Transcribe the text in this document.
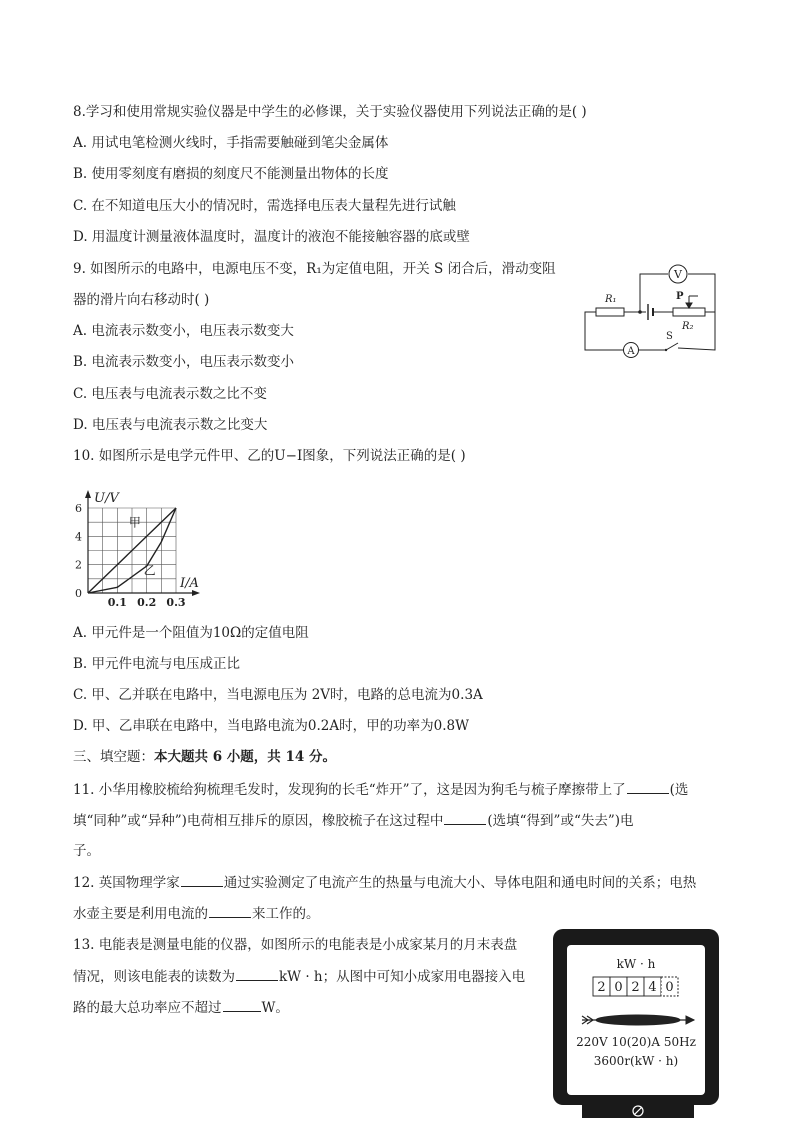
8.学习和使用常规实验仪器是中学生的必修课，关于实验仪器使用下列说法正确的是( )
A. 用试电笔检测火线时，手指需要触碰到笔尖金属体
B. 使用零刻度有磨损的刻度尺不能测量出物体的长度
C. 在不知道电压大小的情况时，需选择电压表大量程先进行试触
D. 用温度计测量液体温度时，温度计的液泡不能接触容器的底或壁
9. 如图所示的电路中，电源电压不变，R₁为定值电阻，开关 S 闭合后，滑动变阻
器的滑片向右移动时( )
A. 电流表示数变小，电压表示数变大
B. 电流表示数变小，电压表示数变小
C. 电压表与电流表示数之比不变
D. 电压表与电流表示数之比变大
V
A
R₁
R₂
P
S
10. 如图所示是电学元件甲、乙的U−I图象，下列说法正确的是( )
U/V
I/A
0
2
4
6
0.1 0.2 0.3
甲
乙
A. 甲元件是一个阻值为10Ω的定值电阻
B. 甲元件电流与电压成正比
C. 甲、乙并联在电路中，当电源电压为 2V时，电路的总电流为0.3A
D. 甲、乙串联在电路中，当电路电流为0.2A时，甲的功率为0.8W
三、填空题：本大题共 6 小题，共 14 分。
11. 小华用橡胶梳给狗梳理毛发时，发现狗的长毛“炸开”了，这是因为狗毛与梳子摩擦带上了	(选
填“同种”或“异种”)电荷相互排斥的原因，橡胶梳子在这过程中	(选填“得到”或“失去”)电
子。
12. 英国物理学家	通过实验测定了电流产生的热量与电流大小、导体电阻和通电时间的关系；电热
水壶主要是利用电流的	来工作的。
13. 电能表是测量电能的仪器，如图所示的电能表是小成家某月的月末表盘
情况，则该电能表的读数为	kW · h；从图中可知小成家用电器接入电
路的最大总功率应不超过	W。
kW · h
2 0 2 4 0
220V 10(20)A 50Hz
3600r(kW · h)
